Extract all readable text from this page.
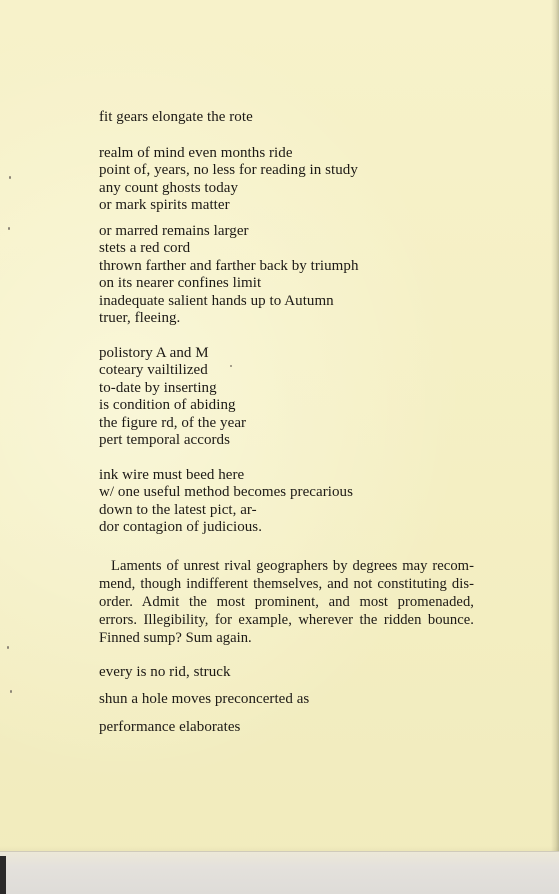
fit gears elongate the rote
realm of mind even months ride
point of, years, no less for reading in study
any count ghosts today
or mark spirits matter
or marred remains larger
stets a red cord
thrown farther and farther back by triumph
on its nearer confines limit
inadequate salient hands up to Autumn
truer, fleeing.
polistory A and M
coteary vailtilized
to-date by inserting
is condition of abiding
the figure rd, of the year
pert temporal accords
ink wire must beed here
w/ one useful method becomes precarious
down to the latest pict, ar-
dor contagion of judicious.
Laments of unrest rival geographers by degrees may recom-
mend, though indifferent themselves, and not constituting dis-
order. Admit the most prominent, and most promenaded,
errors. Illegibility, for example, wherever the ridden bounce.
Finned sump? Sum again.
every is no rid, struck
shun a hole moves preconcerted as
performance elaborates
